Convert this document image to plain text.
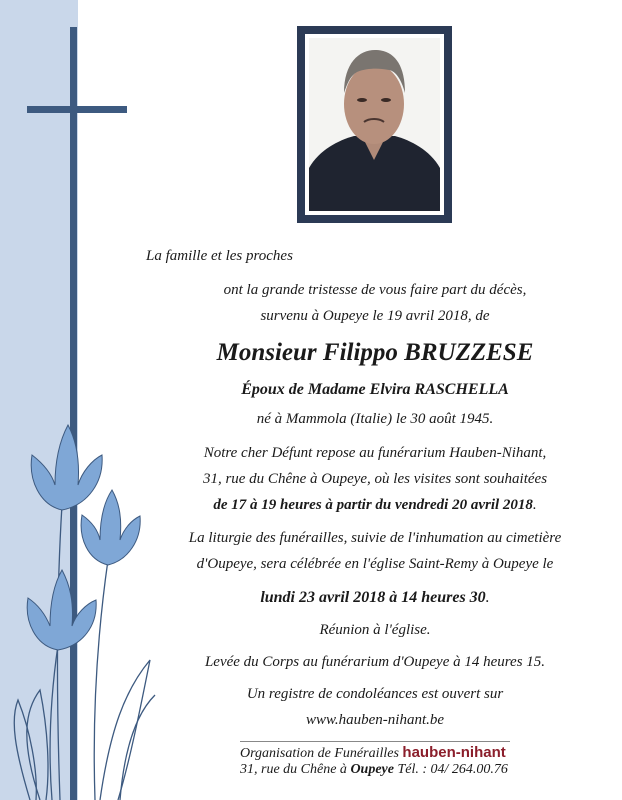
La famille et les proches
ont la grande tristesse de vous faire part du décès,
survenu à Oupeye le 19 avril 2018, de
Monsieur Filippo BRUZZESE
Époux de Madame Elvira RASCHELLA
né à Mammola (Italie) le 30 août 1945.
Notre cher Défunt repose au funérarium Hauben-Nihant,
31, rue du Chêne à Oupeye, où les visites sont souhaitées
de 17 à 19 heures à partir du vendredi 20 avril 2018.
La liturgie des funérailles, suivie de l'inhumation au cimetière
d'Oupeye, sera célébrée en l'église Saint-Remy à Oupeye le
lundi 23 avril 2018 à 14 heures 30.
Réunion à l'église.
Levée du Corps au funérarium d'Oupeye à 14 heures 15.
Un registre de condoléances est ouvert sur
www.hauben-nihant.be
Organisation de Funérailles hauben-nihant
31, rue du Chêne à Oupeye Tél. : 04/ 264.00.76
